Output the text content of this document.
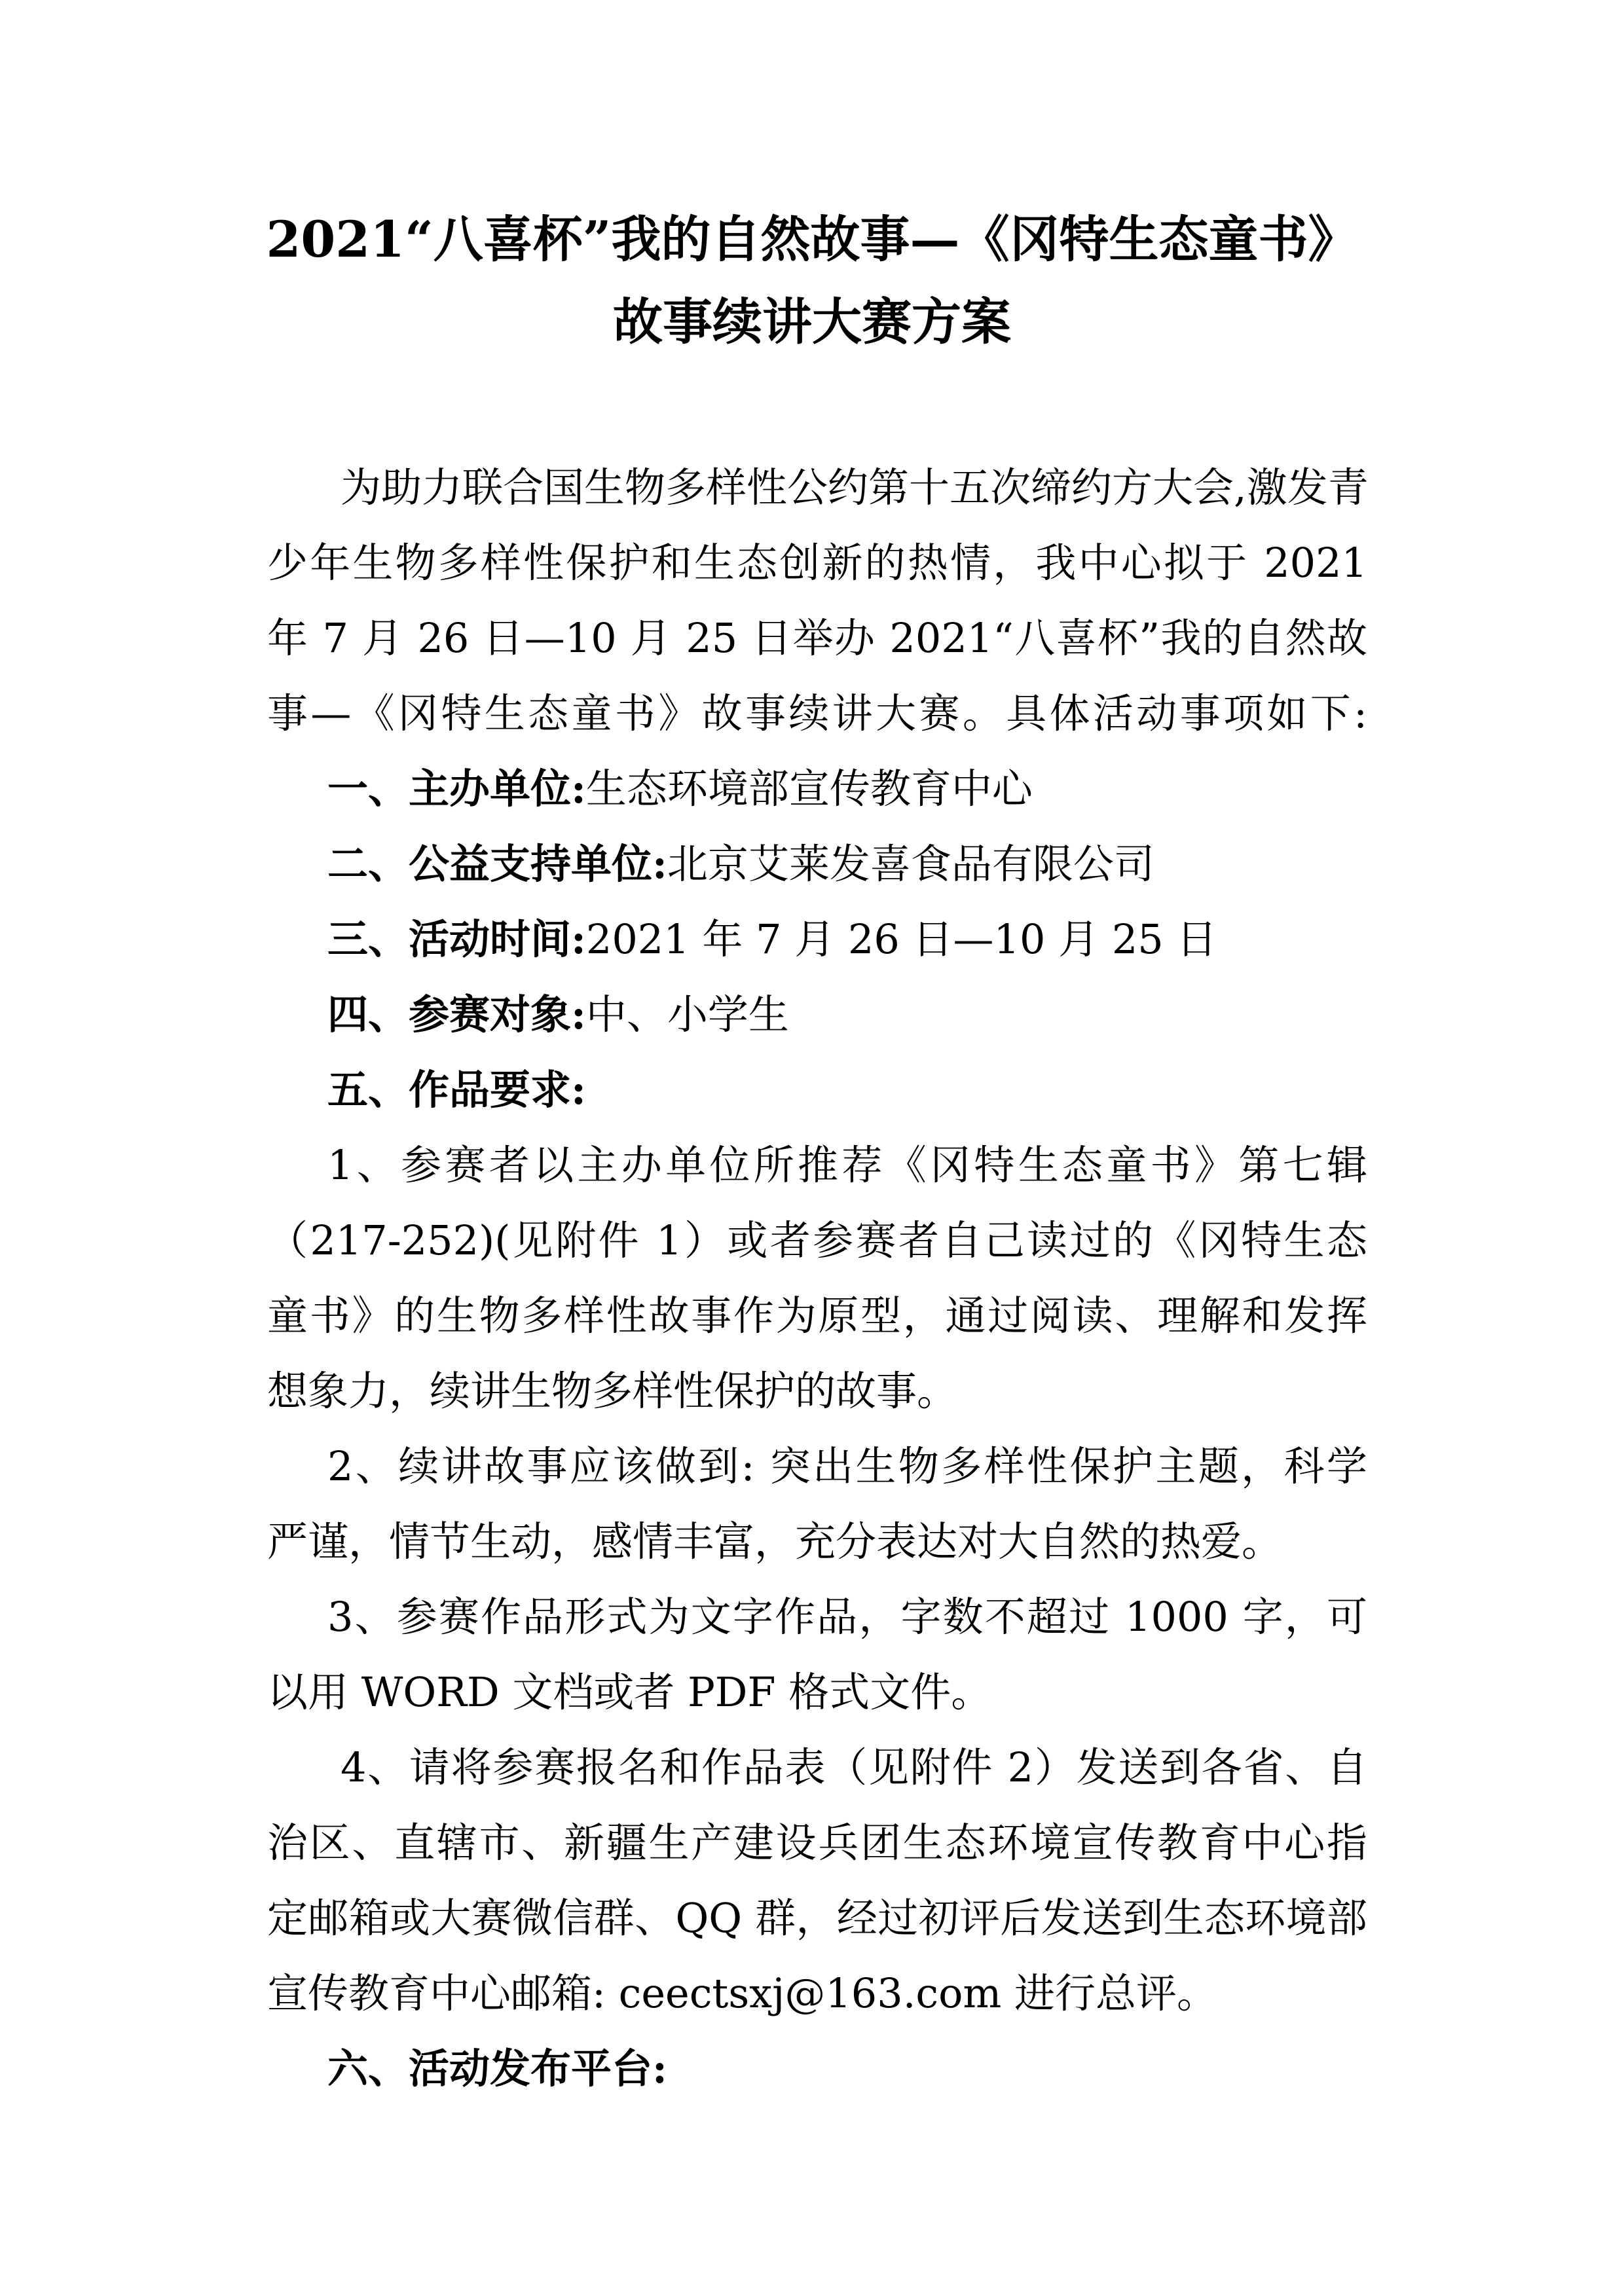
2021“八喜杯”我的自然故事—《冈特生态童书》
故事续讲大赛方案
为助力联合国生物多样性公约第十五次缔约方大会,激发青
少年生物多样性保护和生态创新的热情，我中心拟于 2021
年 7 月 26 日—10 月 25 日举办 2021“八喜杯”我的自然故
事—《冈特生态童书》故事续讲大赛。具体活动事项如下:
一、主办单位:生态环境部宣传教育中心
二、公益支持单位:北京艾莱发喜食品有限公司
三、活动时间:2021 年 7 月 26 日—10 月 25 日
四、参赛对象:中、小学生
五、作品要求:
1、参赛者以主办单位所推荐《冈特生态童书》第七辑
（217-252)(见附件 1）或者参赛者自己读过的《冈特生态
童书》的生物多样性故事作为原型，通过阅读、理解和发挥
想象力，续讲生物多样性保护的故事。
2、续讲故事应该做到: 突出生物多样性保护主题，科学
严谨，情节生动，感情丰富，充分表达对大自然的热爱。
3、参赛作品形式为文字作品，字数不超过 1000 字，可
以用 WORD 文档或者 PDF 格式文件。
4、请将参赛报名和作品表（见附件 2）发送到各省、自
治区、直辖市、新疆生产建设兵团生态环境宣传教育中心指
定邮箱或大赛微信群、QQ 群，经过初评后发送到生态环境部
宣传教育中心邮箱: ceectsxj@163.com 进行总评。
六、活动发布平台:
